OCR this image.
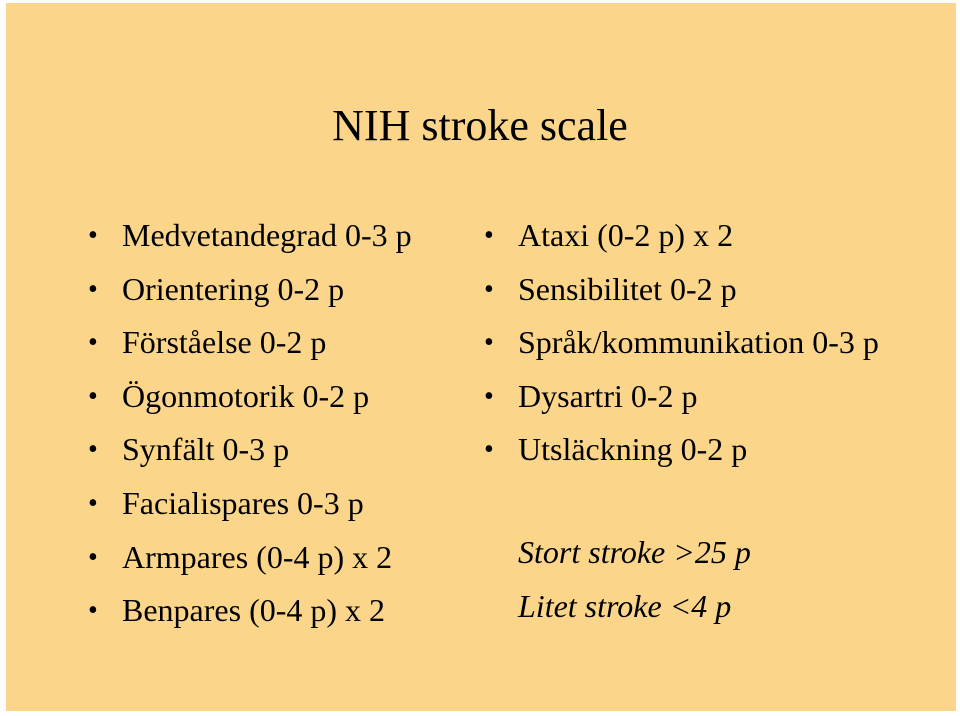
NIH stroke scale
• Medvetandegrad 0-3 p
• Orientering 0-2 p
• Förståelse 0-2 p
• Ögonmotorik 0-2 p
• Synfält 0-3 p
• Facialispares 0-3 p
• Armpares (0-4 p) x 2
• Benpares (0-4 p) x 2
• Ataxi (0-2 p) x 2
• Sensibilitet 0-2 p
• Språk/kommunikation 0-3 p
• Dysartri 0-2 p
• Utsläckning 0-2 p
Stort stroke >25 p
Litet stroke <4 p
